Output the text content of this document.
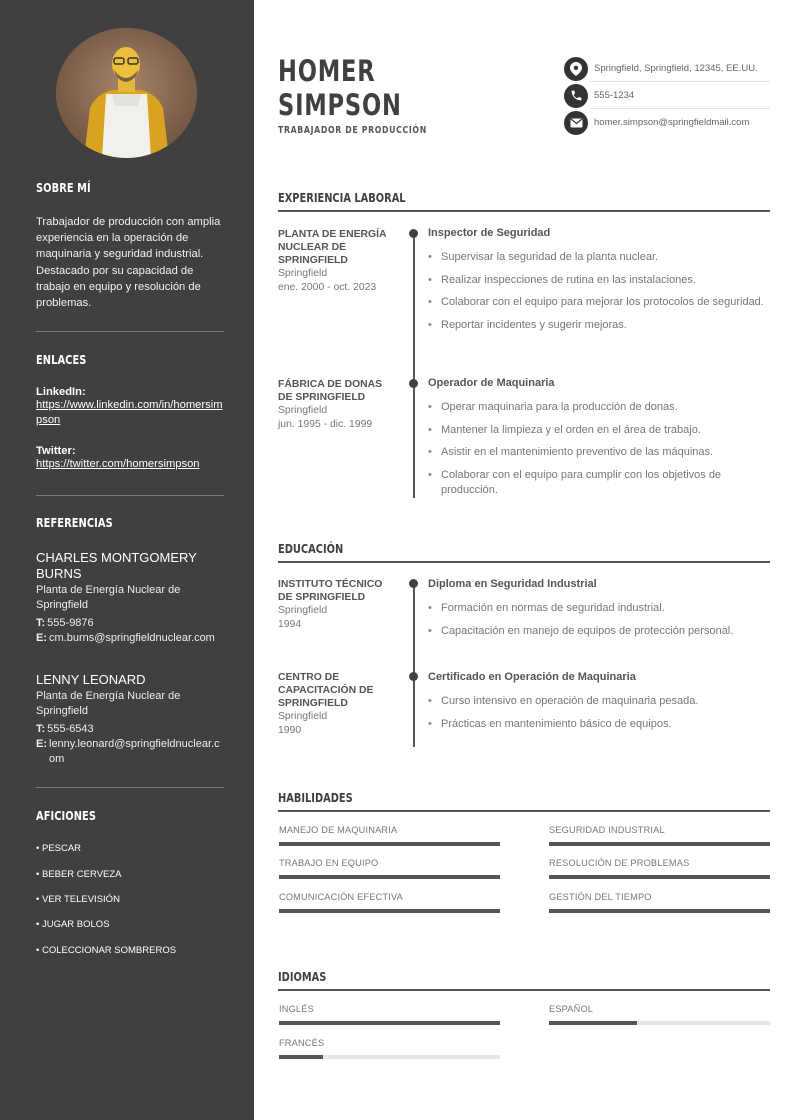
SOBRE MÍ
Trabajador de producción con amplia experiencia en la operación de maquinaria y seguridad industrial. Destacado por su capacidad de trabajo en equipo y resolución de problemas.
ENLACES
LinkedIn:
https://www.linkedin.com/in/homersimpson
Twitter:
https://twitter.com/homersimpson
REFERENCIAS
CHARLES MONTGOMERY BURNS
Planta de Energía Nuclear de Springfield
T: 555-9876
E: cm.burns@springfieldnuclear.com
LENNY LEONARD
Planta de Energía Nuclear de Springfield
T: 555-6543
E: lenny.leonard@springfieldnuclear.com
AFICIONES
• PESCAR
• BEBER CERVEZA
• VER TELEVISIÓN
• JUGAR BOLOS
• COLECCIONAR SOMBREROS
HOMER
SIMPSON
TRABAJADOR DE PRODUCCIÓN
Springfield, Springfield, 12345, EE.UU.
555-1234
homer.simpson@springfieldmail.com
EXPERIENCIA LABORAL
PLANTA DE ENERGÍA NUCLEAR DE SPRINGFIELD
Springfield
ene. 2000 - oct. 2023
Inspector de Seguridad
• Supervisar la seguridad de la planta nuclear.
• Realizar inspecciones de rutina en las instalaciones.
• Colaborar con el equipo para mejorar los protocolos de seguridad.
• Reportar incidentes y sugerir mejoras.
FÁBRICA DE DONAS DE SPRINGFIELD
Springfield
jun. 1995 - dic. 1999
Operador de Maquinaria
• Operar maquinaria para la producción de donas.
• Mantener la limpieza y el orden en el área de trabajo.
• Asistir en el mantenimiento preventivo de las máquinas.
• Colaborar con el equipo para cumplir con los objetivos de producción.
EDUCACIÓN
INSTITUTO TÉCNICO DE SPRINGFIELD
Springfield
1994
Diploma en Seguridad Industrial
• Formación en normas de seguridad industrial.
• Capacitación en manejo de equipos de protección personal.
CENTRO DE CAPACITACIÓN DE SPRINGFIELD
Springfield
1990
Certificado en Operación de Maquinaria
• Curso intensivo en operación de maquinaria pesada.
• Prácticas en mantenimiento básico de equipos.
HABILIDADES
MANEJO DE MAQUINARIA	SEGURIDAD INDUSTRIAL
TRABAJO EN EQUIPO	RESOLUCIÓN DE PROBLEMAS
COMUNICACIÓN EFECTIVA	GESTIÓN DEL TIEMPO
IDIOMAS
INGLÉS	ESPAÑOL
FRANCÉS
